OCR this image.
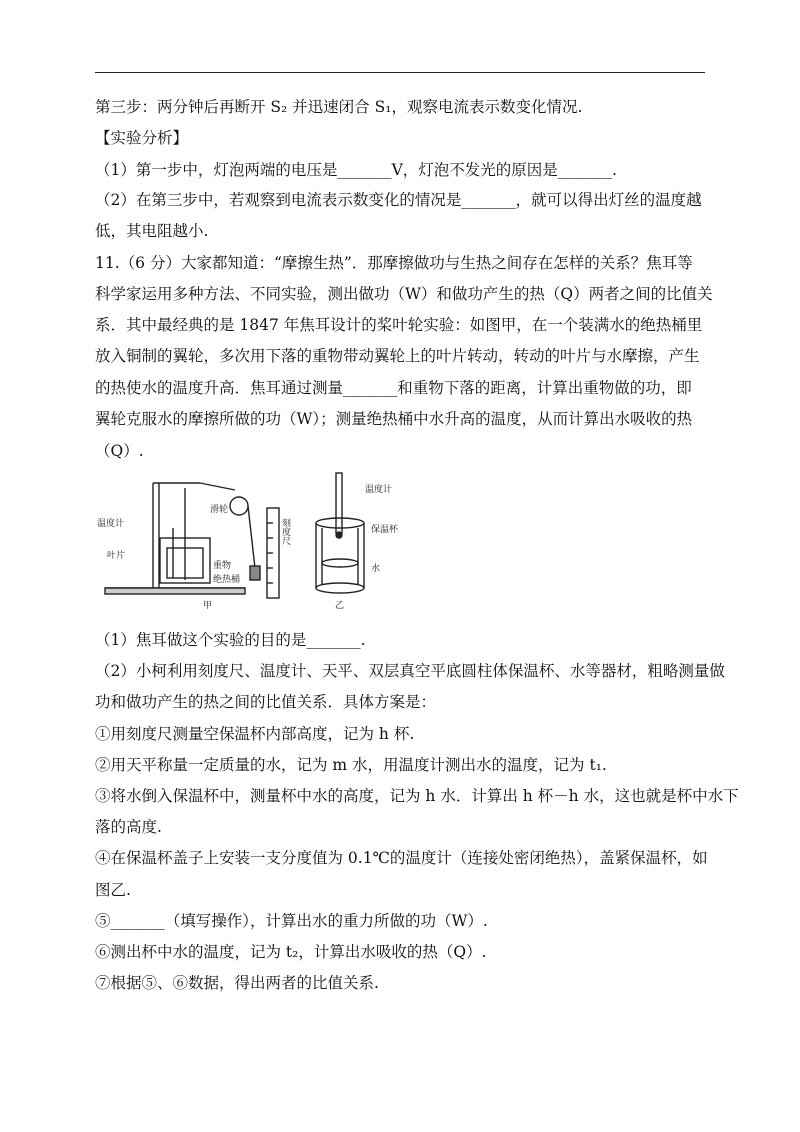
第三步：两分钟后再断开 S₂ 并迅速闭合 S₁，观察电流表示数变化情况.
【实验分析】
（1）第一步中，灯泡两端的电压是_______V，灯泡不发光的原因是_______.
（2）在第三步中，若观察到电流表示数变化的情况是_______，就可以得出灯丝的温度越
低，其电阻越小.
11.（6 分）大家都知道：“摩擦生热”．那摩擦做功与生热之间存在怎样的关系？焦耳等
科学家运用多种方法、不同实验，测出做功（W）和做功产生的热（Q）两者之间的比值关
系．其中最经典的是 1847 年焦耳设计的桨叶轮实验：如图甲，在一个装满水的绝热桶里
放入铜制的翼轮，多次用下落的重物带动翼轮上的叶片转动，转动的叶片与水摩擦，产生
的热使水的温度升高．焦耳通过测量_______和重物下落的距离，计算出重物做的功，即
翼轮克服水的摩擦所做的功（W）；测量绝热桶中水升高的温度，从而计算出水吸收的热
（Q）.
温度计
叶片
滑轮
重物
绝热桶
刻度尺
甲
温度计
保温杯
水
乙
（1）焦耳做这个实验的目的是_______.
（2）小柯利用刻度尺、温度计、天平、双层真空平底圆柱体保温杯、水等器材，粗略测量做
功和做功产生的热之间的比值关系．具体方案是：
①用刻度尺测量空保温杯内部高度，记为 h 杯.
②用天平称量一定质量的水，记为 m 水，用温度计测出水的温度，记为 t₁.
③将水倒入保温杯中，测量杯中水的高度，记为 h 水．计算出 h 杯－h 水，这也就是杯中水下
落的高度.
④在保温杯盖子上安装一支分度值为 0.1℃的温度计（连接处密闭绝热），盖紧保温杯，如
图乙.
⑤_______（填写操作），计算出水的重力所做的功（W）.
⑥测出杯中水的温度，记为 t₂，计算出水吸收的热（Q）.
⑦根据⑤、⑥数据，得出两者的比值关系.
